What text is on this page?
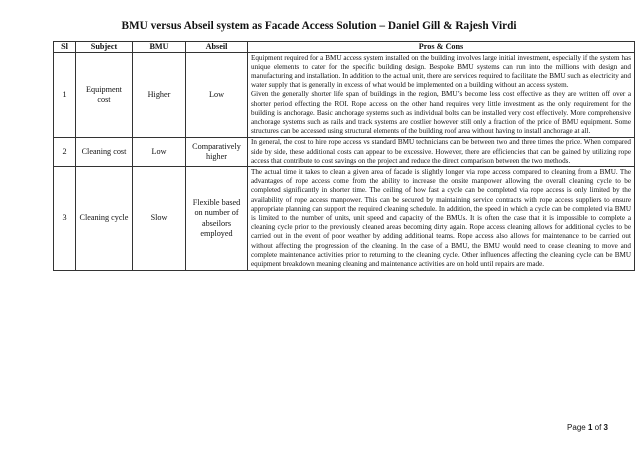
BMU versus Abseil system as Facade Access Solution – Daniel Gill & Rajesh Virdi
Sl	Subject	BMU	Abseil	Pros & Cons
1	Equipment cost	Higher	Low	Equipment required for a BMU access system installed on the building involves large initial investment, especially if the system has unique elements to cater for the specific building design. Bespoke BMU systems can run into the millions with design and manufacturing and installation. In addition to the actual unit, there are services required to facilitate the BMU such as electricity and water supply that is generally in excess of what would be implemented on a building without an access system.
Given the generally shorter life span of buildings in the region, BMU’s become less cost effective as they are written off over a shorter period effecting the ROI. Rope access on the other hand requires very little investment as the only requirement for the building is anchorage. Basic anchorage systems such as individual bolts can be installed very cost effectively. More comprehensive anchorage systems such as rails and track systems are costlier however still only a fraction of the price of BMU equipment. Some structures can be accessed using structural elements of the building roof area without having to install anchorage at all.

2	Cleaning cost	Low	Comparatively higher	In general, the cost to hire rope access vs standard BMU technicians can be between two and three times the price. When compared side by side, these additional costs can appear to be excessive. However, there are efficiencies that can be gained by utilizing rope access that contribute to cost savings on the project and reduce the direct comparison between the two methods.
3	Cleaning cycle	Slow	Flexible based on number of abseilors employed	The actual time it takes to clean a given area of facade is slightly longer via rope access compared to cleaning from a BMU. The advantages of rope access come from the ability to increase the onsite manpower allowing the overall cleaning cycle to be completed significantly in shorter time. The ceiling of how fast a cycle can be completed via rope access is only limited by the availability of rope access manpower. This can be secured by maintaining service contracts with rope access suppliers to ensure appropriate planning can support the required cleaning schedule. In addition, the speed in which a cycle can be completed via BMU is limited to the number of units, unit speed and capacity of the BMUs. It is often the case that it is impossible to complete a cleaning cycle prior to the previously cleaned areas becoming dirty again. Rope access cleaning allows for additional cycles to be carried out in the event of poor weather by adding additional teams. Rope access also allows for maintenance to be carried out without affecting the progression of the cleaning. In the case of a BMU, the BMU would need to cease cleaning to move and complete maintenance activities prior to returning to the cleaning cycle. Other influences affecting the cleaning cycle can be BMU equipment breakdown meaning cleaning and maintenance activities are on hold until repairs are made.
Page 1 of 3
